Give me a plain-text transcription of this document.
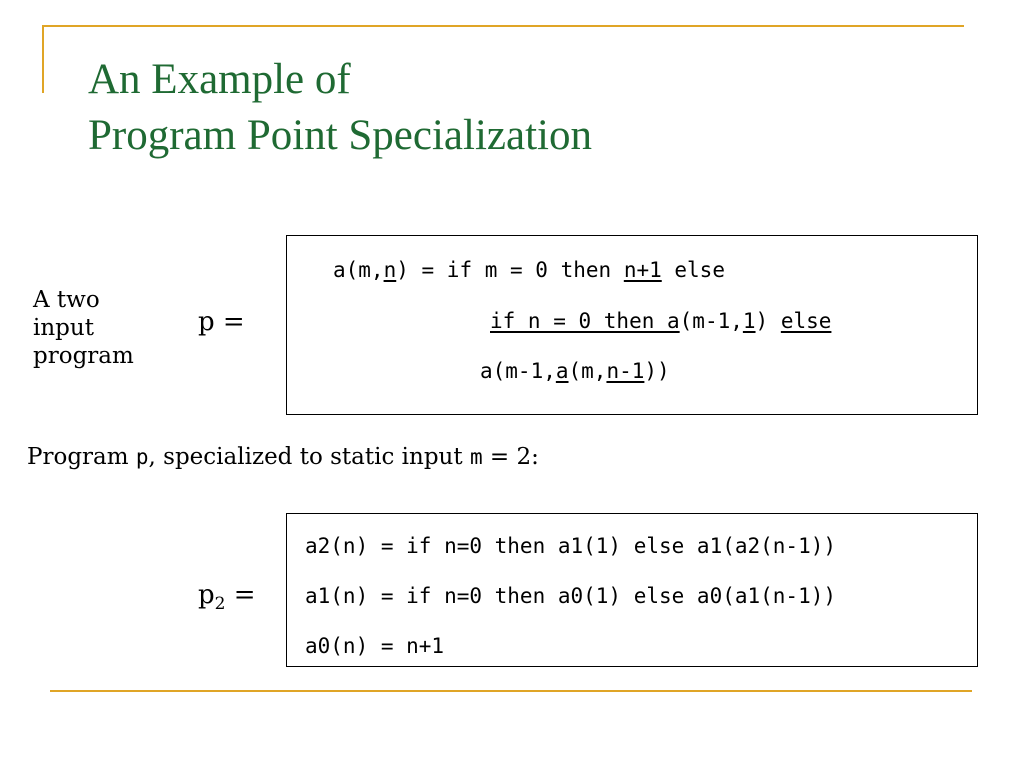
An Example of
Program Point Specialization
A two
input
program
p =
a(m,n) = if m = 0 then n+1 else
if n = 0 then a(m-1,1) else
a(m-1,a(m,n-1))
Program p, specialized to static input m = 2:
$p_2$ =
a2(n) = if n=0 then a1(1) else a1(a2(n-1))
a1(n) = if n=0 then a0(1) else a0(a1(n-1))
a0(n) = n+1
